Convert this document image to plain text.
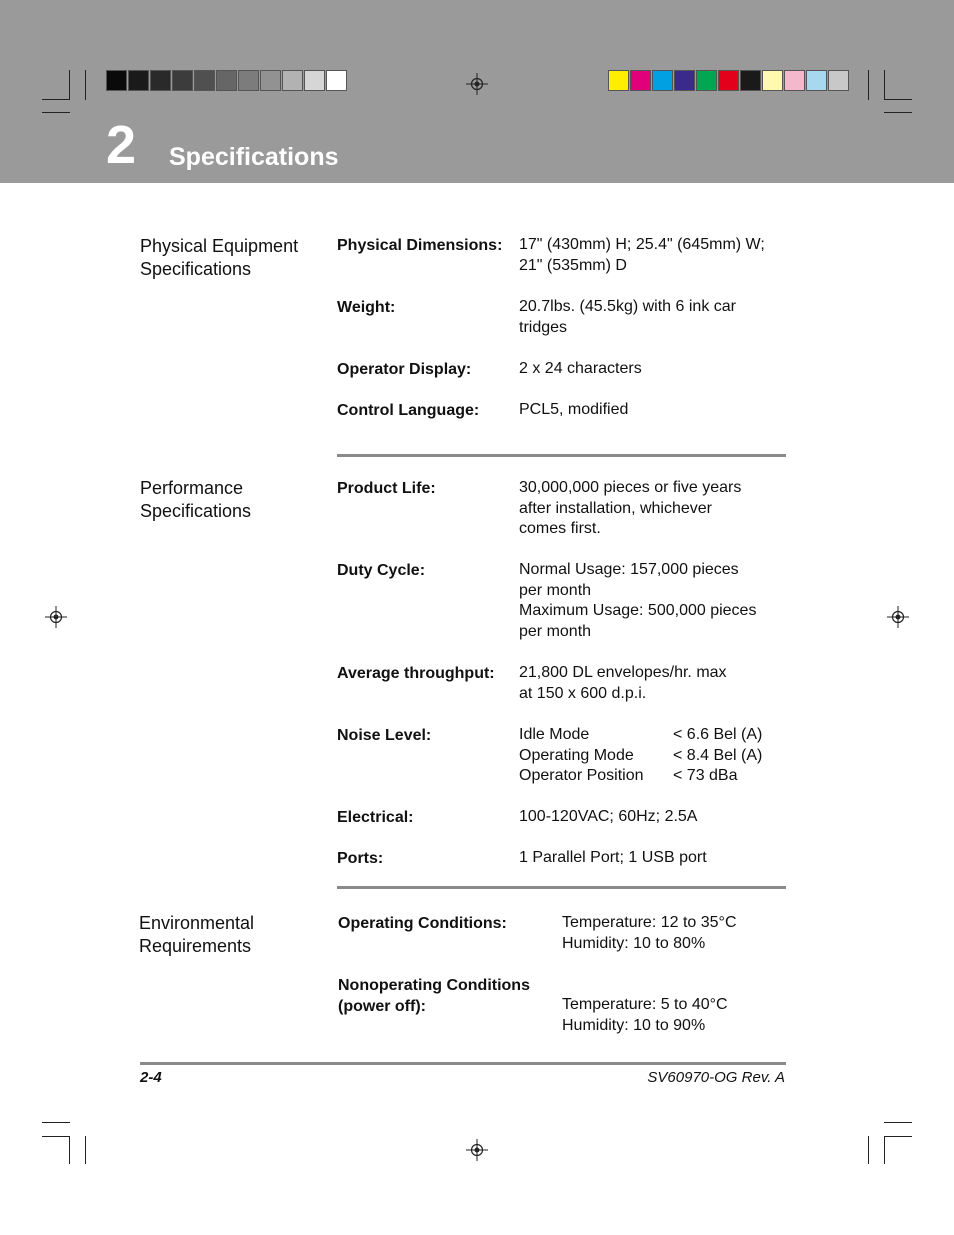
2 Specifications
Physical Equipment
Specifications
Physical Dimensions: 17" (430mm) H; 25.4" (645mm) W;
21" (535mm) D
Weight:	20.7lbs. (45.5kg) with 6 ink car
tridges
Operator Display:	2 x 24 characters
Control Language: PCL5, modified
Performance
Specifications
Product Life:	30,000,000 pieces or five years
after installation, whichever
comes first.
Duty Cycle:	Normal Usage: 157,000 pieces
per month
Maximum Usage: 500,000 pieces
per month
Average throughput: 21,800 DL envelopes/hr. max
at 150 x 600 d.p.i.
Noise Level:	Idle Mode	< 6.6 Bel (A)
Operating Mode	< 8.4 Bel (A)
Operator Position	< 73 dBa
Electrical:	100-120VAC; 60Hz; 2.5A
Ports:	1 Parallel Port; 1 USB port
Environmental
Requirements
Operating Conditions:	Temperature: 12 to 35°C
Humidity: 10 to 80%
Nonoperating Conditions
(power off):	Temperature: 5 to 40°C
Humidity: 10 to 90%
2-4	SV60970-OG Rev. A
